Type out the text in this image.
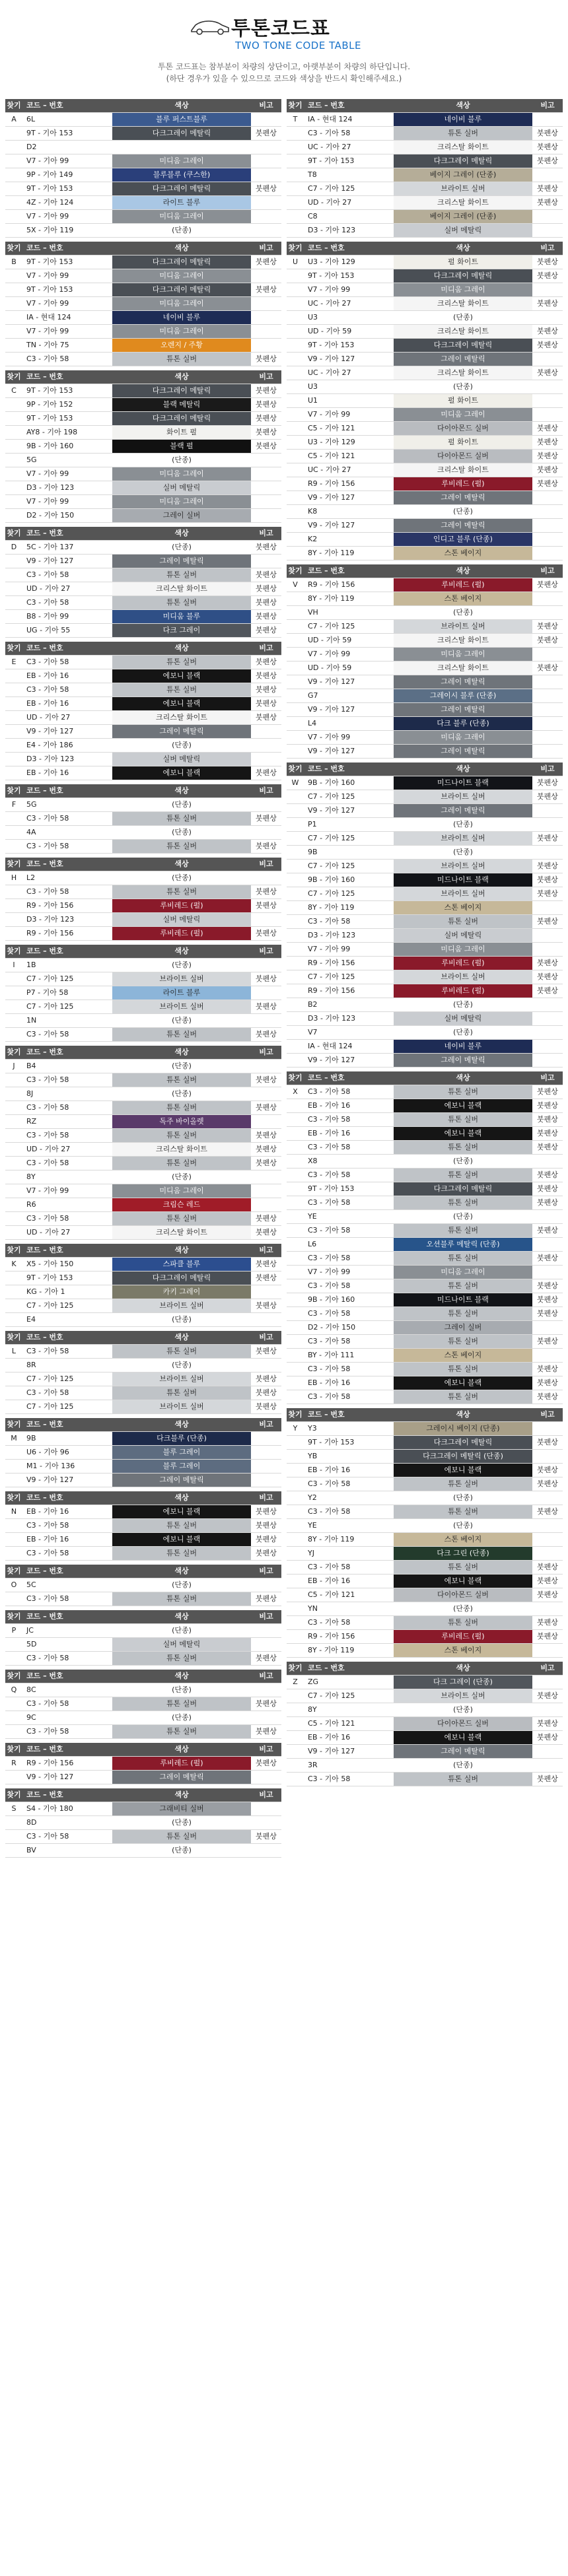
투톤코드표
TWO TONE CODE TABLE
투톤 코드표는 참부분이 차량의 상단이고, 아랫부분이 차량의 하단입니다.
(하단 경우가 있을 수 있으므로 코드와 색상을 반드시 확인해주세요.)
찾기 코드 – 번호	색상	비고
A	6L	블루 퍼스트블루
9T - 기아 153	다크그레이 메탈릭	붓펜상
D2
V7 - 기아 99	미디움 그레이
9P - 기아 149	블루블루 (쿠스한)
9T - 기아 153	다크그레이 메탈릭	붓펜상
4Z - 기아 124	라이트 블루
V7 - 기아 99	미디움 그레이
5X - 기아 119	(단종)
찾기 코드 – 번호	색상	비고
B	9T - 기아 153	다크그레이 메탈릭	붓펜상
V7 - 기아 99	미디움 그레이
9T - 기아 153	다크그레이 메탈릭	붓펜상
V7 - 기아 99	미디움 그레이
IA - 현대 124	네이비 블루
V7 - 기아 99	미디움 그레이
TN - 기아 75	오렌지 / 주황
C3 - 기아 58	튜톤 실버	붓펜상
찾기 코드 – 번호	색상	비고
C	9T - 기아 153	다크그레이 메탈릭	붓펜상
9P - 기아 152	블랙 메탈릭	붓펜상
9T - 기아 153	다크그레이 메탈릭	붓펜상
AY8 - 기아 198	화이트 펄	붓펜상
9B - 기아 160	블랙 펄	붓펜상
5G	(단종)
V7 - 기아 99	미디움 그레이
D3 - 기아 123	실버 메탈릭
V7 - 기아 99	미디움 그레이
D2 - 기아 150	그레이 실버
찾기 코드 – 번호	색상	비고
D	5C - 기아 137	(단종)	붓펜상
V9 - 기아 127	그레이 메탈릭
C3 - 기아 58	튜톤 실버	붓펜상
UD - 기아 27	크리스탈 화이트	붓펜상
C3 - 기아 58	튜톤 실버	붓펜상
B8 - 기아 99	미디움 블루	붓펜상
UG - 기아 55	다크 그레이	붓펜상
찾기 코드 – 번호	색상	비고
E	C3 - 기아 58	튜톤 실버	붓펜상
EB - 기아 16	에보니 블랙	붓펜상
C3 - 기아 58	튜톤 실버	붓펜상
EB - 기아 16	에보니 블랙	붓펜상
UD - 기아 27	크리스탈 화이트	붓펜상
V9 - 기아 127	그레이 메탈릭
E4 - 기아 186	(단종)
D3 - 기아 123	실버 메탈릭
EB - 기아 16	에보니 블랙	붓펜상
찾기 코드 – 번호	색상	비고
F	5G	(단종)
C3 - 기아 58	튜톤 실버	붓펜상
4A	(단종)
C3 - 기아 58	튜톤 실버	붓펜상
찾기 코드 – 번호	색상	비고
H	L2	(단종)
C3 - 기아 58	튜톤 실버	붓펜상
R9 - 기아 156	루비레드 (펄)	붓펜상
D3 - 기아 123	실버 메탈릭
R9 - 기아 156	루비레드 (펄)	붓펜상
찾기 코드 – 번호	색상	비고
I	1B	(단종)
C7 - 기아 125	브라이트 실버	붓펜상
P7 - 기아 58	라이트 블루
C7 - 기아 125	브라이트 실버	붓펜상
1N	(단종)
C3 - 기아 58	튜톤 실버	붓펜상
찾기 코드 – 번호	색상	비고
J	B4	(단종)
C3 - 기아 58	튜톤 실버	붓펜상
8J	(단종)
C3 - 기아 58	튜톤 실버	붓펜상
RZ	독주 바이올렛
C3 - 기아 58	튜톤 실버	붓펜상
UD - 기아 27	크리스탈 화이트	붓펜상
C3 - 기아 58	튜톤 실버	붓펜상
8Y	(단종)
V7 - 기아 99	미디움 그레이
R6	크림슨 레드
C3 - 기아 58	튜톤 실버	붓펜상
UD - 기아 27	크리스탈 화이트	붓펜상
찾기 코드 – 번호	색상	비고
K	X5 - 기아 150	스파클 블루	붓펜상
9T - 기아 153	다크그레이 메탈릭	붓펜상
KG - 기아 1	카키 그레이
C7 - 기아 125	브라이트 실버	붓펜상
E4	(단종)
찾기 코드 – 번호	색상	비고
L	C3 - 기아 58	튜톤 실버	붓펜상
8R	(단종)
C7 - 기아 125	브라이트 실버	붓펜상
C3 - 기아 58	튜톤 실버	붓펜상
C7 - 기아 125	브라이트 실버	붓펜상
찾기 코드 – 번호	색상	비고
M	9B	다크블루 (단종)
U6 - 기아 96	블루 그레이
M1 - 기아 136	블루 그레이
V9 - 기아 127	그레이 메탈릭
찾기 코드 – 번호	색상	비고
N	EB - 기아 16	에보니 블랙	붓펜상
C3 - 기아 58	튜톤 실버	붓펜상
EB - 기아 16	에보니 블랙	붓펜상
C3 - 기아 58	튜톤 실버	붓펜상
찾기 코드 – 번호	색상	비고
O	5C	(단종)
C3 - 기아 58	튜톤 실버	붓펜상
찾기 코드 – 번호	색상	비고
P	JC	(단종)
5D	실버 메탈릭
C3 - 기아 58	튜톤 실버	붓펜상
찾기 코드 – 번호	색상	비고
Q	8C	(단종)
C3 - 기아 58	튜톤 실버	붓펜상
9C	(단종)
C3 - 기아 58	튜톤 실버	붓펜상
찾기 코드 – 번호	색상	비고
R	R9 - 기아 156	루비레드 (펄)	붓펜상
V9 - 기아 127	그레이 메탈릭
찾기 코드 – 번호	색상	비고
S	S4 - 기아 180	그래비티 실버
8D	(단종)
C3 - 기아 58	튜톤 실버	붓펜상
BV	(단종)
찾기 코드 – 번호	색상	비고
T	IA - 현대 124	네이비 블루
C3 - 기아 58	튜톤 실버	붓펜상
UC - 기아 27	크리스탈 화이트	붓펜상
9T - 기아 153	다크그레이 메탈릭	붓펜상
T8	베이지 그레이 (단종)
C7 - 기아 125	브라이트 실버	붓펜상
UD - 기아 27	크리스탈 화이트	붓펜상
C8	베이지 그레이 (단종)
D3 - 기아 123	실버 메탈릭
찾기 코드 – 번호	색상	비고
U	U3 - 기아 129	펄 화이트	붓펜상
9T - 기아 153	다크그레이 메탈릭	붓펜상
V7 - 기아 99	미디움 그레이
UC - 기아 27	크리스탈 화이트	붓펜상
U3	(단종)
UD - 기아 59	크리스탈 화이트	붓펜상
9T - 기아 153	다크그레이 메탈릭	붓펜상
V9 - 기아 127	그레이 메탈릭
UC - 기아 27	크리스탈 화이트	붓펜상
U3	(단종)
U1	펄 화이트
V7 - 기아 99	미디움 그레이
C5 - 기아 121	다이아몬드 실버	붓펜상
U3 - 기아 129	펄 화이트	붓펜상
C5 - 기아 121	다이아몬드 실버	붓펜상
UC - 기아 27	크리스탈 화이트	붓펜상
R9 - 기아 156	루비레드 (펄)	붓펜상
V9 - 기아 127	그레이 메탈릭
K8	(단종)
V9 - 기아 127	그레이 메탈릭
K2	인디고 블루 (단종)
8Y - 기아 119	스톤 베이지
찾기 코드 – 번호	색상	비고
V	R9 - 기아 156	루비레드 (펄)	붓펜상
8Y - 기아 119	스톤 베이지
VH	(단종)
C7 - 기아 125	브라이트 실버	붓펜상
UD - 기아 59	크리스탈 화이트	붓펜상
V7 - 기아 99	미디움 그레이
UD - 기아 59	크리스탈 화이트	붓펜상
V9 - 기아 127	그레이 메탈릭
G7	그레이시 블루 (단종)
V9 - 기아 127	그레이 메탈릭
L4	다크 블루 (단종)
V7 - 기아 99	미디움 그레이
V9 - 기아 127	그레이 메탈릭
찾기 코드 – 번호	색상	비고
W	9B - 기아 160	미드나이트 블랙	붓펜상
C7 - 기아 125	브라이트 실버	붓펜상
V9 - 기아 127	그레이 메탈릭
P1	(단종)
C7 - 기아 125	브라이트 실버	붓펜상
9B	(단종)
C7 - 기아 125	브라이트 실버	붓펜상
9B - 기아 160	미드나이트 블랙	붓펜상
C7 - 기아 125	브라이트 실버	붓펜상
8Y - 기아 119	스톤 베이지
C3 - 기아 58	튜톤 실버	붓펜상
D3 - 기아 123	실버 메탈릭
V7 - 기아 99	미디움 그레이
R9 - 기아 156	루비레드 (펄)	붓펜상
C7 - 기아 125	브라이트 실버	붓펜상
R9 - 기아 156	루비레드 (펄)	붓펜상
B2	(단종)
D3 - 기아 123	실버 메탈릭
V7	(단종)
IA - 현대 124	네이비 블루
V9 - 기아 127	그레이 메탈릭
찾기 코드 – 번호	색상	비고
X	C3 - 기아 58	튜톤 실버	붓펜상
EB - 기아 16	에보니 블랙	붓펜상
C3 - 기아 58	튜톤 실버	붓펜상
EB - 기아 16	에보니 블랙	붓펜상
C3 - 기아 58	튜톤 실버	붓펜상
X8	(단종)
C3 - 기아 58	튜톤 실버	붓펜상
9T - 기아 153	다크그레이 메탈릭	붓펜상
C3 - 기아 58	튜톤 실버	붓펜상
YE	(단종)
C3 - 기아 58	튜톤 실버	붓펜상
L6	오션블루 메탈릭 (단종)
C3 - 기아 58	튜톤 실버	붓펜상
V7 - 기아 99	미디움 그레이
C3 - 기아 58	튜톤 실버	붓펜상
9B - 기아 160	미드나이트 블랙	붓펜상
C3 - 기아 58	튜톤 실버	붓펜상
D2 - 기아 150	그레이 실버
C3 - 기아 58	튜톤 실버	붓펜상
BY - 기아 111	스톤 베이지
C3 - 기아 58	튜톤 실버	붓펜상
EB - 기아 16	에보니 블랙	붓펜상
C3 - 기아 58	튜톤 실버	붓펜상
찾기 코드 – 번호	색상	비고
Y	Y3	그레이시 베이지 (단종)
9T - 기아 153	다크그레이 메탈릭	붓펜상
YB	다크그레이 메탈릭 (단종)
EB - 기아 16	에보니 블랙	붓펜상
C3 - 기아 58	튜톤 실버	붓펜상
Y2	(단종)
C3 - 기아 58	튜톤 실버	붓펜상
YE	(단종)
8Y - 기아 119	스톤 베이지
YJ	다크 그린 (단종)
C3 - 기아 58	튜톤 실버	붓펜상
EB - 기아 16	에보니 블랙	붓펜상
C5 - 기아 121	다이아몬드 실버	붓펜상
YN	(단종)
C3 - 기아 58	튜톤 실버	붓펜상
R9 - 기아 156	루비레드 (펄)	붓펜상
8Y - 기아 119	스톤 베이지
찾기 코드 – 번호	색상	비고
Z	ZG	다크 그레이 (단종)
C7 - 기아 125	브라이트 실버	붓펜상
8Y	(단종)
C5 - 기아 121	다이아몬드 실버	붓펜상
EB - 기아 16	에보니 블랙	붓펜상
V9 - 기아 127	그레이 메탈릭
3R	(단종)
C3 - 기아 58	튜톤 실버	붓펜상
